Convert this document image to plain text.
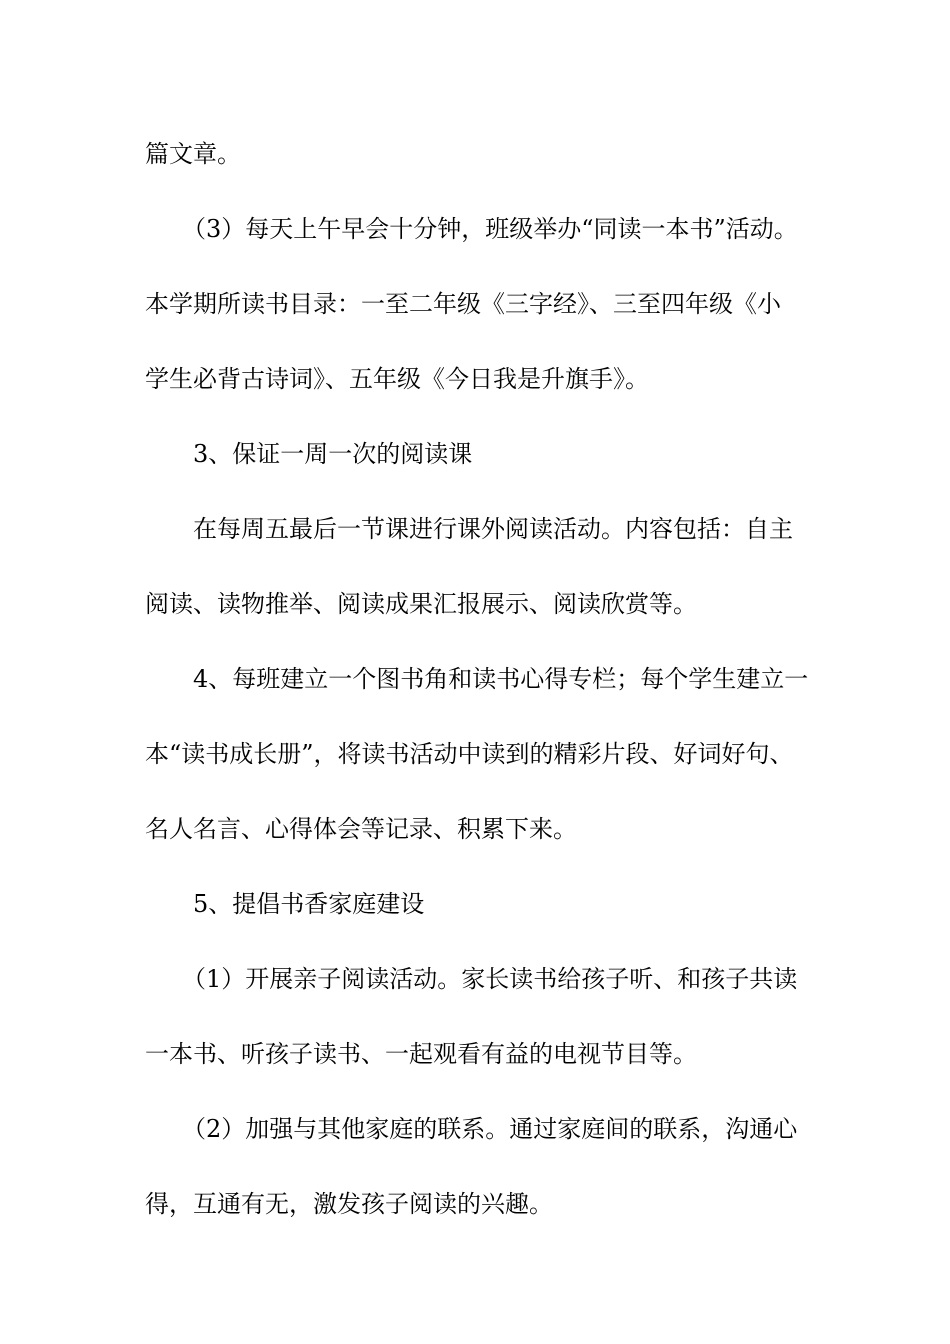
篇文章。
（3）每天上午早会十分钟，班级举办“同读一本书”活动。
本学期所读书目录：一至二年级《三字经》、三至四年级《小
学生必背古诗词》、五年级《今日我是升旗手》。
3、保证一周一次的阅读课
在每周五最后一节课进行课外阅读活动。内容包括：自主
阅读、读物推举、阅读成果汇报展示、阅读欣赏等。
4、每班建立一个图书角和读书心得专栏；每个学生建立一
本“读书成长册”，将读书活动中读到的精彩片段、好词好句、
名人名言、心得体会等记录、积累下来。
5、提倡书香家庭建设
（1）开展亲子阅读活动。家长读书给孩子听、和孩子共读
一本书、听孩子读书、一起观看有益的电视节目等。
（2）加强与其他家庭的联系。通过家庭间的联系，沟通心
得，互通有无，激发孩子阅读的兴趣。
